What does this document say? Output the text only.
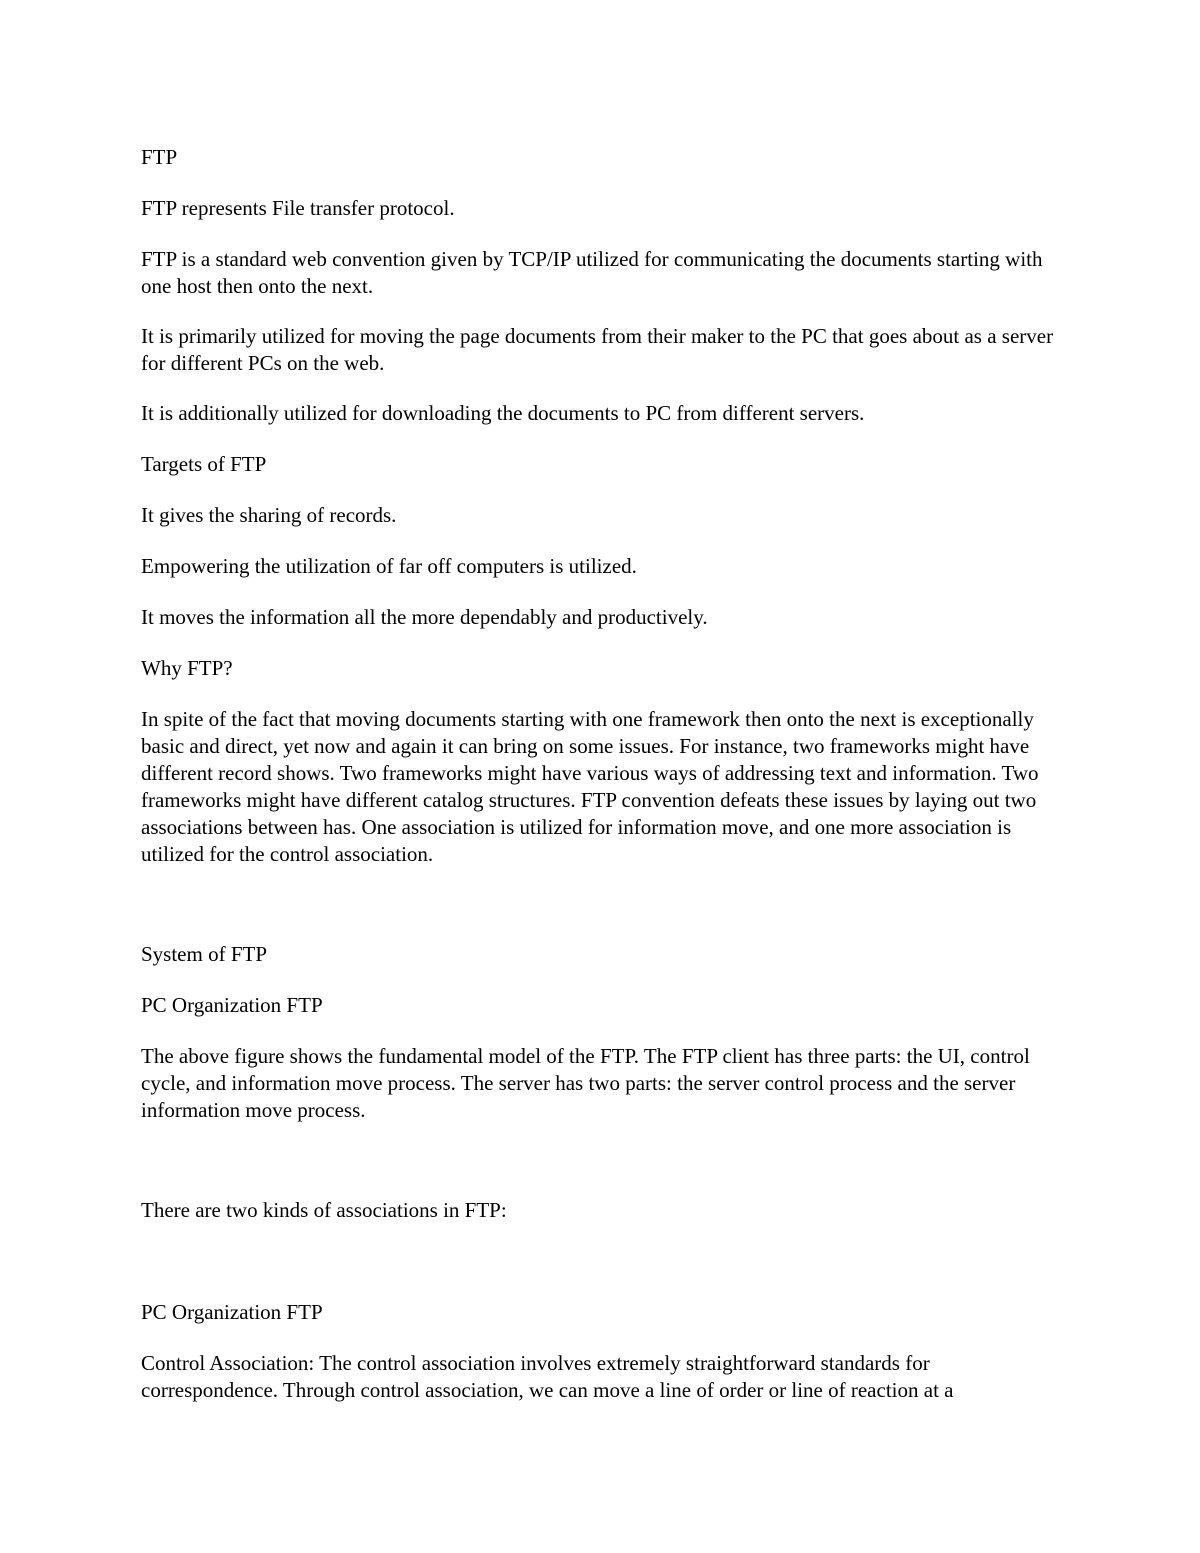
FTP

FTP represents File transfer protocol.

FTP is a standard web convention given by TCP/IP utilized for communicating the documents starting with one host then onto the next.

It is primarily utilized for moving the page documents from their maker to the PC that goes about as a server for different PCs on the web.

It is additionally utilized for downloading the documents to PC from different servers.

Targets of FTP

It gives the sharing of records.

Empowering the utilization of far off computers is utilized.

It moves the information all the more dependably and productively.

Why FTP?

In spite of the fact that moving documents starting with one framework then onto the next is exceptionally basic and direct, yet now and again it can bring on some issues. For instance, two frameworks might have different record shows. Two frameworks might have various ways of addressing text and information. Two frameworks might have different catalog structures. FTP convention defeats these issues by laying out two associations between has. One association is utilized for information move, and one more association is utilized for the control association.

System of FTP

PC Organization FTP

The above figure shows the fundamental model of the FTP. The FTP client has three parts: the UI, control cycle, and information move process. The server has two parts: the server control process and the server information move process.

There are two kinds of associations in FTP:

PC Organization FTP

Control Association: The control association involves extremely straightforward standards for correspondence. Through control association, we can move a line of order or line of reaction at a
